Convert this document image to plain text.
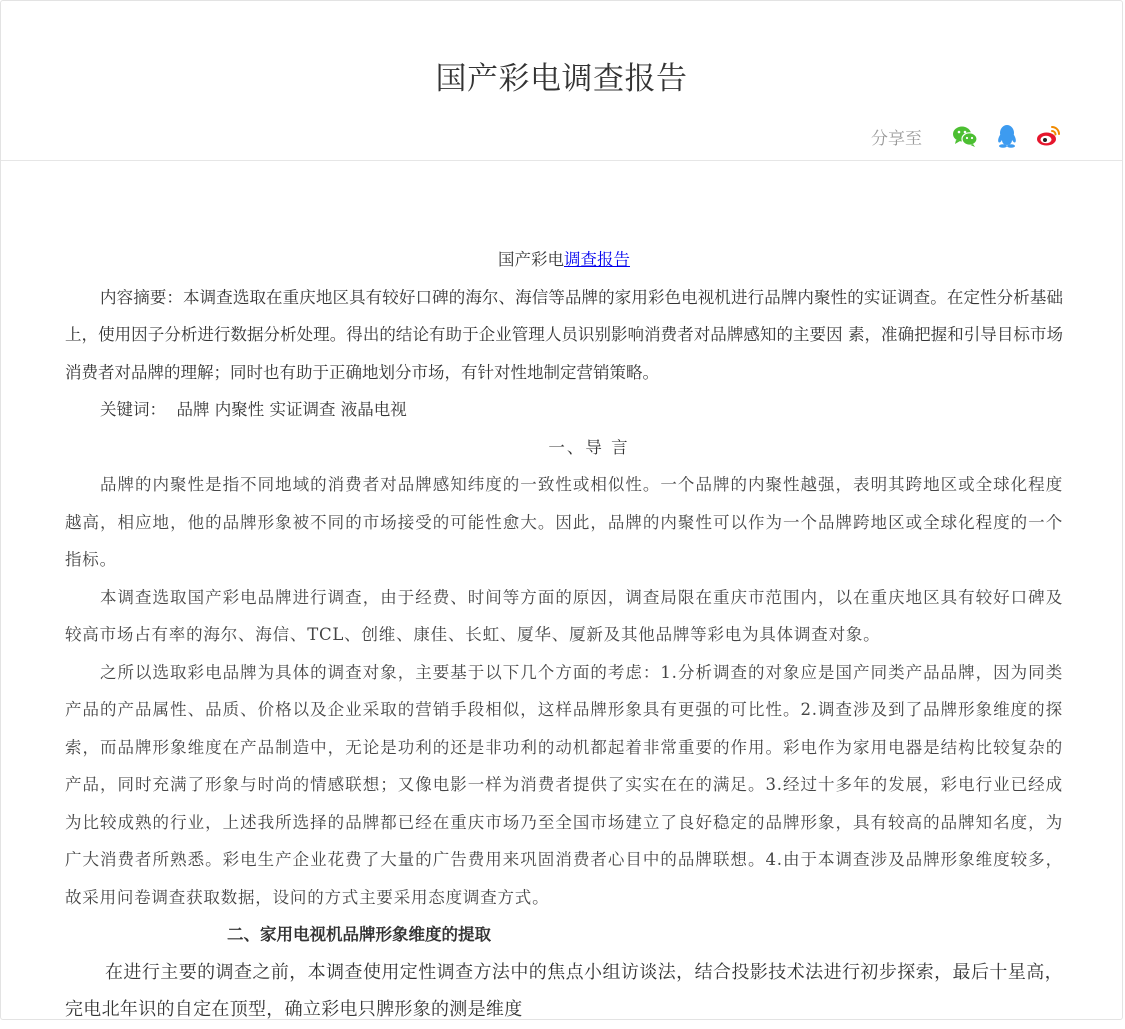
国产彩电调查报告
分享至

国产彩电调查报告

内容摘要：本调查选取在重庆地区具有较好口碑的海尔、海信等品牌的家用彩色电视机进行品牌内聚性的实证调查。在定性分析基础上，使用因子分析进行数据分析处理。得出的结论有助于企业管理人员识别影响消费者对品牌感知的主要因 素，准确把握和引导目标市场消费者对品牌的理解；同时也有助于正确地划分市场，有针对性地制定营销策略。

关键词：  品牌 内聚性 实证调查 液晶电视

一、导 言

品牌的内聚性是指不同地域的消费者对品牌感知纬度的一致性或相似性。一个品牌的内聚性越强，表明其跨地区或全球化程度越高，相应地，他的品牌形象被不同的市场接受的可能性愈大。因此，品牌的内聚性可以作为一个品牌跨地区或全球化程度的一个指标。

本调查选取国产彩电品牌进行调查，由于经费、时间等方面的原因，调查局限在重庆市范围内，以在重庆地区具有较好口碑及较高市场占有率的海尔、海信、TCL、创维、康佳、长虹、厦华、厦新及其他品牌等彩电为具体调查对象。

之所以选取彩电品牌为具体的调查对象，主要基于以下几个方面的考虑：1.分析调查的对象应是国产同类产品品牌，因为同类产品的产品属性、品质、价格以及企业采取的营销手段相似，这样品牌形象具有更强的可比性。2.调查涉及到了品牌形象维度的探索，而品牌形象维度在产品制造中，无论是功利的还是非功利的动机都起着非常重要的作用。彩电作为家用电器是结构比较复杂的产品，同时充满了形象与时尚的情感联想；又像电影一样为消费者提供了实实在在的满足。3.经过十多年的发展，彩电行业已经成为比较成熟的行业，上述我所选择的品牌都已经在重庆市场乃至全国市场建立了良好稳定的品牌形象，具有较高的品牌知名度，为广大消费者所熟悉。彩电生产企业花费了大量的广告费用来巩固消费者心目中的品牌联想。4.由于本调查涉及品牌形象维度较多，故采用问卷调查获取数据，设问的方式主要采用态度调查方式。

二、家用电视机品牌形象维度的提取

在进行主要的调查之前，本调查使用定性调查方法中的焦点小组访谈法，结合投影技术法进行初步探索，最后十星高，完电北年识的自定在顶型，确立彩电只脾形象的测是维度
